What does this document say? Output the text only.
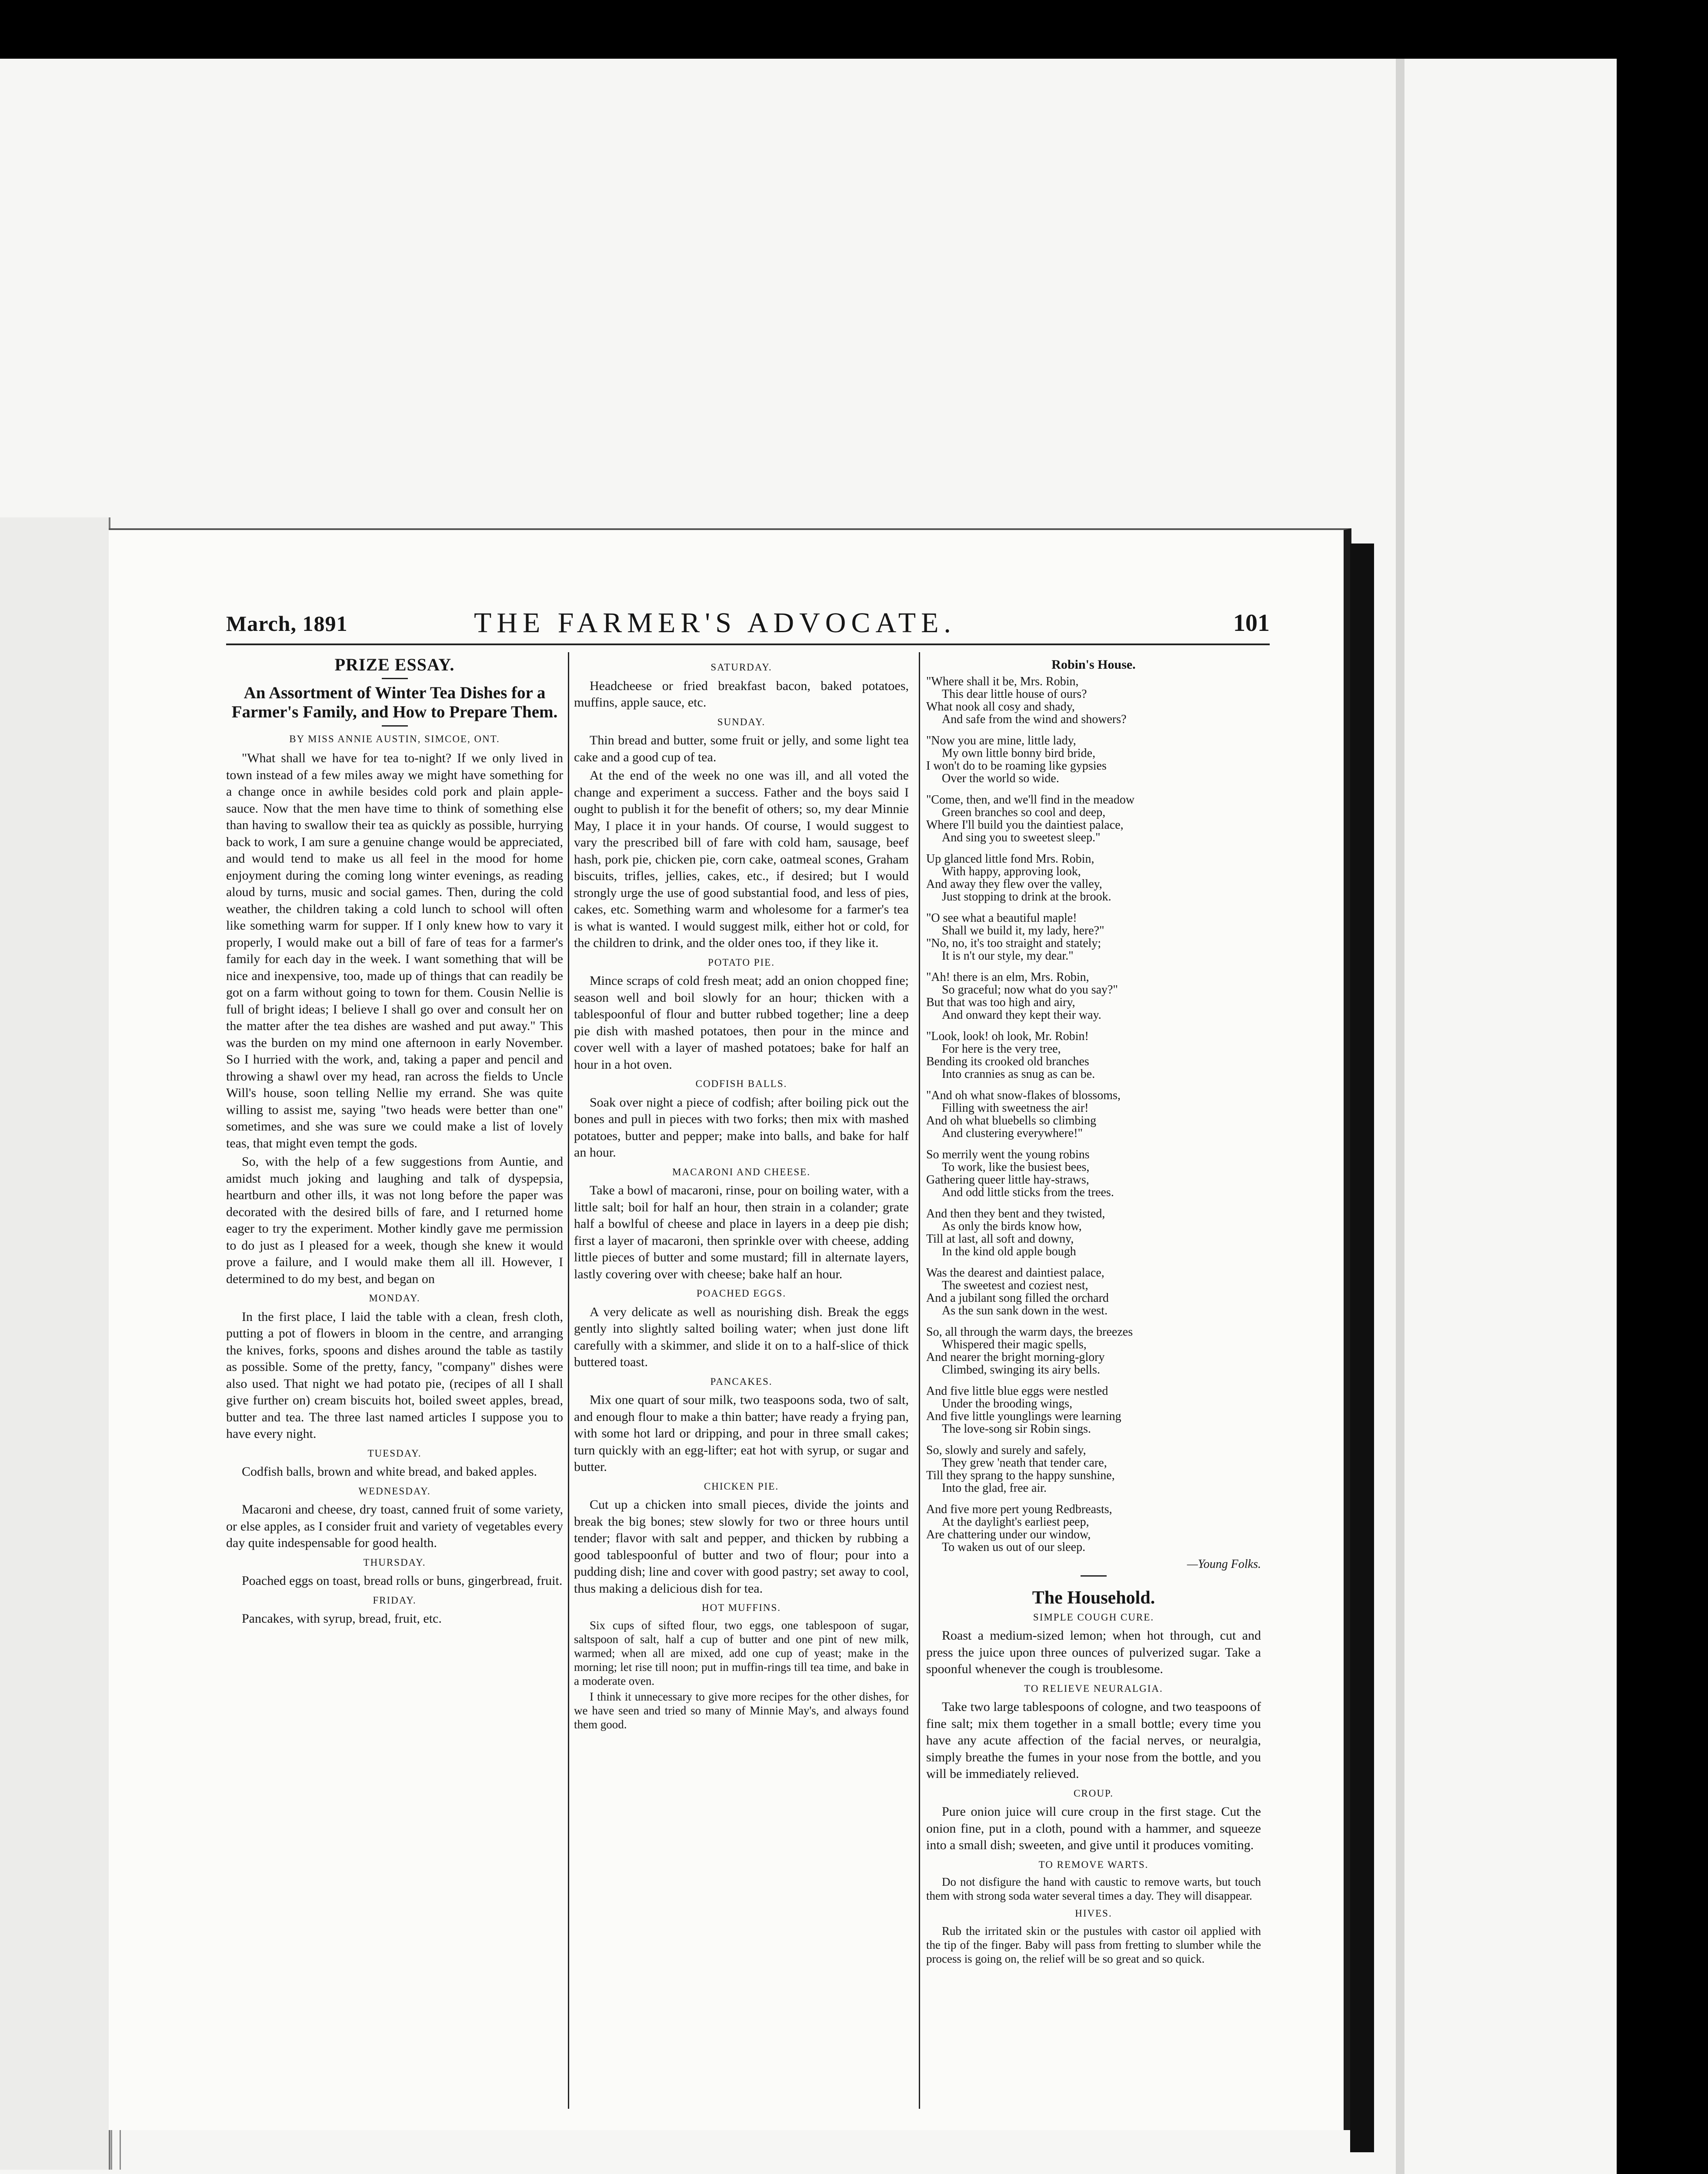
March, 1891	THE FARMER'S ADVOCATE.	101
PRIZE ESSAY.
An Assortment of Winter Tea Dishes for a Farmer's Family, and How to Prepare Them.
BY MISS ANNIE AUSTIN, SIMCOE, ONT.

"What shall we have for tea to-night? If we only lived in town instead of a few miles away we might have something for a change once in awhile besides cold pork and plain apple-sauce. Now that the men have time to think of something else than having to swallow their tea as quickly as possible, hurrying back to work, I am sure a genuine change would be appreciated, and would tend to make us all feel in the mood for home enjoyment during the coming long winter evenings, as reading aloud by turns, music and social games. Then, during the cold weather, the children taking a cold lunch to school will often like something warm for supper. If I only knew how to vary it properly, I would make out a bill of fare of teas for a farmer's family for each day in the week. I want something that will be nice and inexpensive, too, made up of things that can readily be got on a farm without going to town for them. Cousin Nellie is full of bright ideas; I believe I shall go over and consult her on the matter after the tea dishes are washed and put away." This was the burden on my mind one afternoon in early November. So I hurried with the work, and, taking a paper and pencil and throwing a shawl over my head, ran across the fields to Uncle Will's house, soon telling Nellie my errand. She was quite willing to assist me, saying "two heads were better than one" sometimes, and she was sure we could make a list of lovely teas, that might even tempt the gods.

So, with the help of a few suggestions from Auntie, and amidst much joking and laughing and talk of dyspepsia, heartburn and other ills, it was not long before the paper was decorated with the desired bills of fare, and I returned home eager to try the experiment. Mother kindly gave me permission to do just as I pleased for a week, though she knew it would prove a failure, and I would make them all ill. However, I determined to do my best, and began on

MONDAY.

In the first place, I laid the table with a clean, fresh cloth, putting a pot of flowers in bloom in the centre, and arranging the knives, forks, spoons and dishes around the table as tastily as possible. Some of the pretty, fancy, "company" dishes were also used. That night we had potato pie, (recipes of all I shall give further on) cream biscuits hot, boiled sweet apples, bread, butter and tea. The three last named articles I suppose you to have every night.

TUESDAY.

Codfish balls, brown and white bread, and baked apples.

WEDNESDAY.

Macaroni and cheese, dry toast, canned fruit of some variety, or else apples, as I consider fruit and variety of vegetables every day quite indespensable for good health.

THURSDAY.

Poached eggs on toast, bread rolls or buns, gingerbread, fruit.

FRIDAY.

Pancakes, with syrup, bread, fruit, etc.

SATURDAY.

Headcheese or fried breakfast bacon, baked potatoes, muffins, apple sauce, etc.

SUNDAY.

Thin bread and butter, some fruit or jelly, and some light tea cake and a good cup of tea.

At the end of the week no one was ill, and all voted the change and experiment a success. Father and the boys said I ought to publish it for the benefit of others; so, my dear Minnie May, I place it in your hands. Of course, I would suggest to vary the prescribed bill of fare with cold ham, sausage, beef hash, pork pie, chicken pie, corn cake, oatmeal scones, Graham biscuits, trifles, jellies, cakes, etc., if desired; but I would strongly urge the use of good substantial food, and less of pies, cakes, etc. Something warm and wholesome for a farmer's tea is what is wanted. I would suggest milk, either hot or cold, for the children to drink, and the older ones too, if they like it.

POTATO PIE.

Mince scraps of cold fresh meat; add an onion chopped fine; season well and boil slowly for an hour; thicken with a tablespoonful of flour and butter rubbed together; line a deep pie dish with mashed potatoes, then pour in the mince and cover well with a layer of mashed potatoes; bake for half an hour in a hot oven.

CODFISH BALLS.

Soak over night a piece of codfish; after boiling pick out the bones and pull in pieces with two forks; then mix with mashed potatoes, butter and pepper; make into balls, and bake for half an hour.

MACARONI AND CHEESE.

Take a bowl of macaroni, rinse, pour on boiling water, with a little salt; boil for half an hour, then strain in a colander; grate half a bowlful of cheese and place in layers in a deep pie dish; first a layer of macaroni, then sprinkle over with cheese, adding little pieces of butter and some mustard; fill in alternate layers, lastly covering over with cheese; bake half an hour.

POACHED EGGS.

A very delicate as well as nourishing dish. Break the eggs gently into slightly salted boiling water; when just done lift carefully with a skimmer, and slide it on to a half-slice of thick buttered toast.

PANCAKES.

Mix one quart of sour milk, two teaspoons soda, two of salt, and enough flour to make a thin batter; have ready a frying pan, with some hot lard or dripping, and pour in three small cakes; turn quickly with an egg-lifter; eat hot with syrup, or sugar and butter.

CHICKEN PIE.

Cut up a chicken into small pieces, divide the joints and break the big bones; stew slowly for two or three hours until tender; flavor with salt and pepper, and thicken by rubbing a good tablespoonful of butter and two of flour; pour into a pudding dish; line and cover with good pastry; set away to cool, thus making a delicious dish for tea.

HOT MUFFINS.

Six cups of sifted flour, two eggs, one tablespoon of sugar, saltspoon of salt, half a cup of butter and one pint of new milk, warmed; when all are mixed, add one cup of yeast; make in the morning; let rise till noon; put in muffin-rings till tea time, and bake in a moderate oven.

I think it unnecessary to give more recipes for the other dishes, for we have seen and tried so many of Minnie May's, and always found them good.

Robin's House.
"Where shall it be, Mrs. Robin,
This dear little house of ours?
What nook all cosy and shady,
And safe from the wind and showers?
"Now you are mine, little lady,
My own little bonny bird bride,
I won't do to be roaming like gypsies
Over the world so wide.
"Come, then, and we'll find in the meadow
Green branches so cool and deep,
Where I'll build you the daintiest palace,
And sing you to sweetest sleep."
Up glanced little fond Mrs. Robin,
With happy, approving look,
And away they flew over the valley,
Just stopping to drink at the brook.
"O see what a beautiful maple!
Shall we build it, my lady, here?"
"No, no, it's too straight and stately;
It is n't our style, my dear."
"Ah! there is an elm, Mrs. Robin,
So graceful; now what do you say?"
But that was too high and airy,
And onward they kept their way.
"Look, look! oh look, Mr. Robin!
For here is the very tree,
Bending its crooked old branches
Into crannies as snug as can be.
"And oh what snow-flakes of blossoms,
Filling with sweetness the air!
And oh what bluebells so climbing
And clustering everywhere!"
So merrily went the young robins
To work, like the busiest bees,
Gathering queer little hay-straws,
And odd little sticks from the trees.
And then they bent and they twisted,
As only the birds know how,
Till at last, all soft and downy,
In the kind old apple bough
Was the dearest and daintiest palace,
The sweetest and coziest nest,
And a jubilant song filled the orchard
As the sun sank down in the west.
So, all through the warm days, the breezes
Whispered their magic spells,
And nearer the bright morning-glory
Climbed, swinging its airy bells.
And five little blue eggs were nestled
Under the brooding wings,
And five little younglings were learning
The love-song sir Robin sings.
So, slowly and surely and safely,
They grew 'neath that tender care,
Till they sprang to the happy sunshine,
Into the glad, free air.
And five more pert young Redbreasts,
At the daylight's earliest peep,
Are chattering under our window,
To waken us out of our sleep.
—Young Folks.
The Household.
SIMPLE COUGH CURE.

Roast a medium-sized lemon; when hot through, cut and press the juice upon three ounces of pulverized sugar. Take a spoonful whenever the cough is troublesome.

TO RELIEVE NEURALGIA.

Take two large tablespoons of cologne, and two teaspoons of fine salt; mix them together in a small bottle; every time you have any acute affection of the facial nerves, or neuralgia, simply breathe the fumes in your nose from the bottle, and you will be immediately relieved.

CROUP.

Pure onion juice will cure croup in the first stage. Cut the onion fine, put in a cloth, pound with a hammer, and squeeze into a small dish; sweeten, and give until it produces vomiting.

TO REMOVE WARTS.

Do not disfigure the hand with caustic to remove warts, but touch them with strong soda water several times a day. They will disappear.

HIVES.

Rub the irritated skin or the pustules with castor oil applied with the tip of the finger. Baby will pass from fretting to slumber while the process is going on, the relief will be so great and so quick.
